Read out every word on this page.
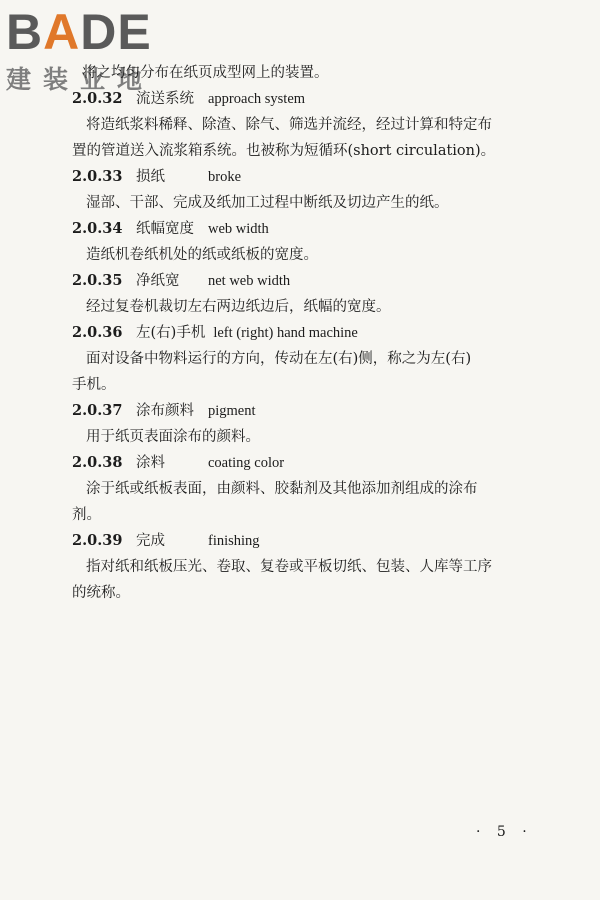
BADE
建装业地
将之均匀分布在纸页成型网上的装置。
2.0.32 流送系统 approach system
将造纸浆料稀释、除渣、除气、筛选并流经，经过计算和特定布
置的管道送入流浆箱系统。也被称为短循环(short circulation)。
2.0.33 损纸	broke
湿部、干部、完成及纸加工过程中断纸及切边产生的纸。
2.0.34 纸幅宽度 web width
造纸机卷纸机处的纸或纸板的宽度。
2.0.35 净纸宽 net web width
经过复卷机裁切左右两边纸边后，纸幅的宽度。
2.0.36 左(右)手机 left (right) hand machine
面对设备中物料运行的方向，传动在左(右)侧，称之为左(右)
手机。
2.0.37 涂布颜料 pigment
用于纸页表面涂布的颜料。
2.0.38 涂料	coating color
涂于纸或纸板表面，由颜料、胶黏剂及其他添加剂组成的涂布
剂。
2.0.39 完成	finishing
指对纸和纸板压光、卷取、复卷或平板切纸、包装、人库等工序
的统称。
· 5 ·
